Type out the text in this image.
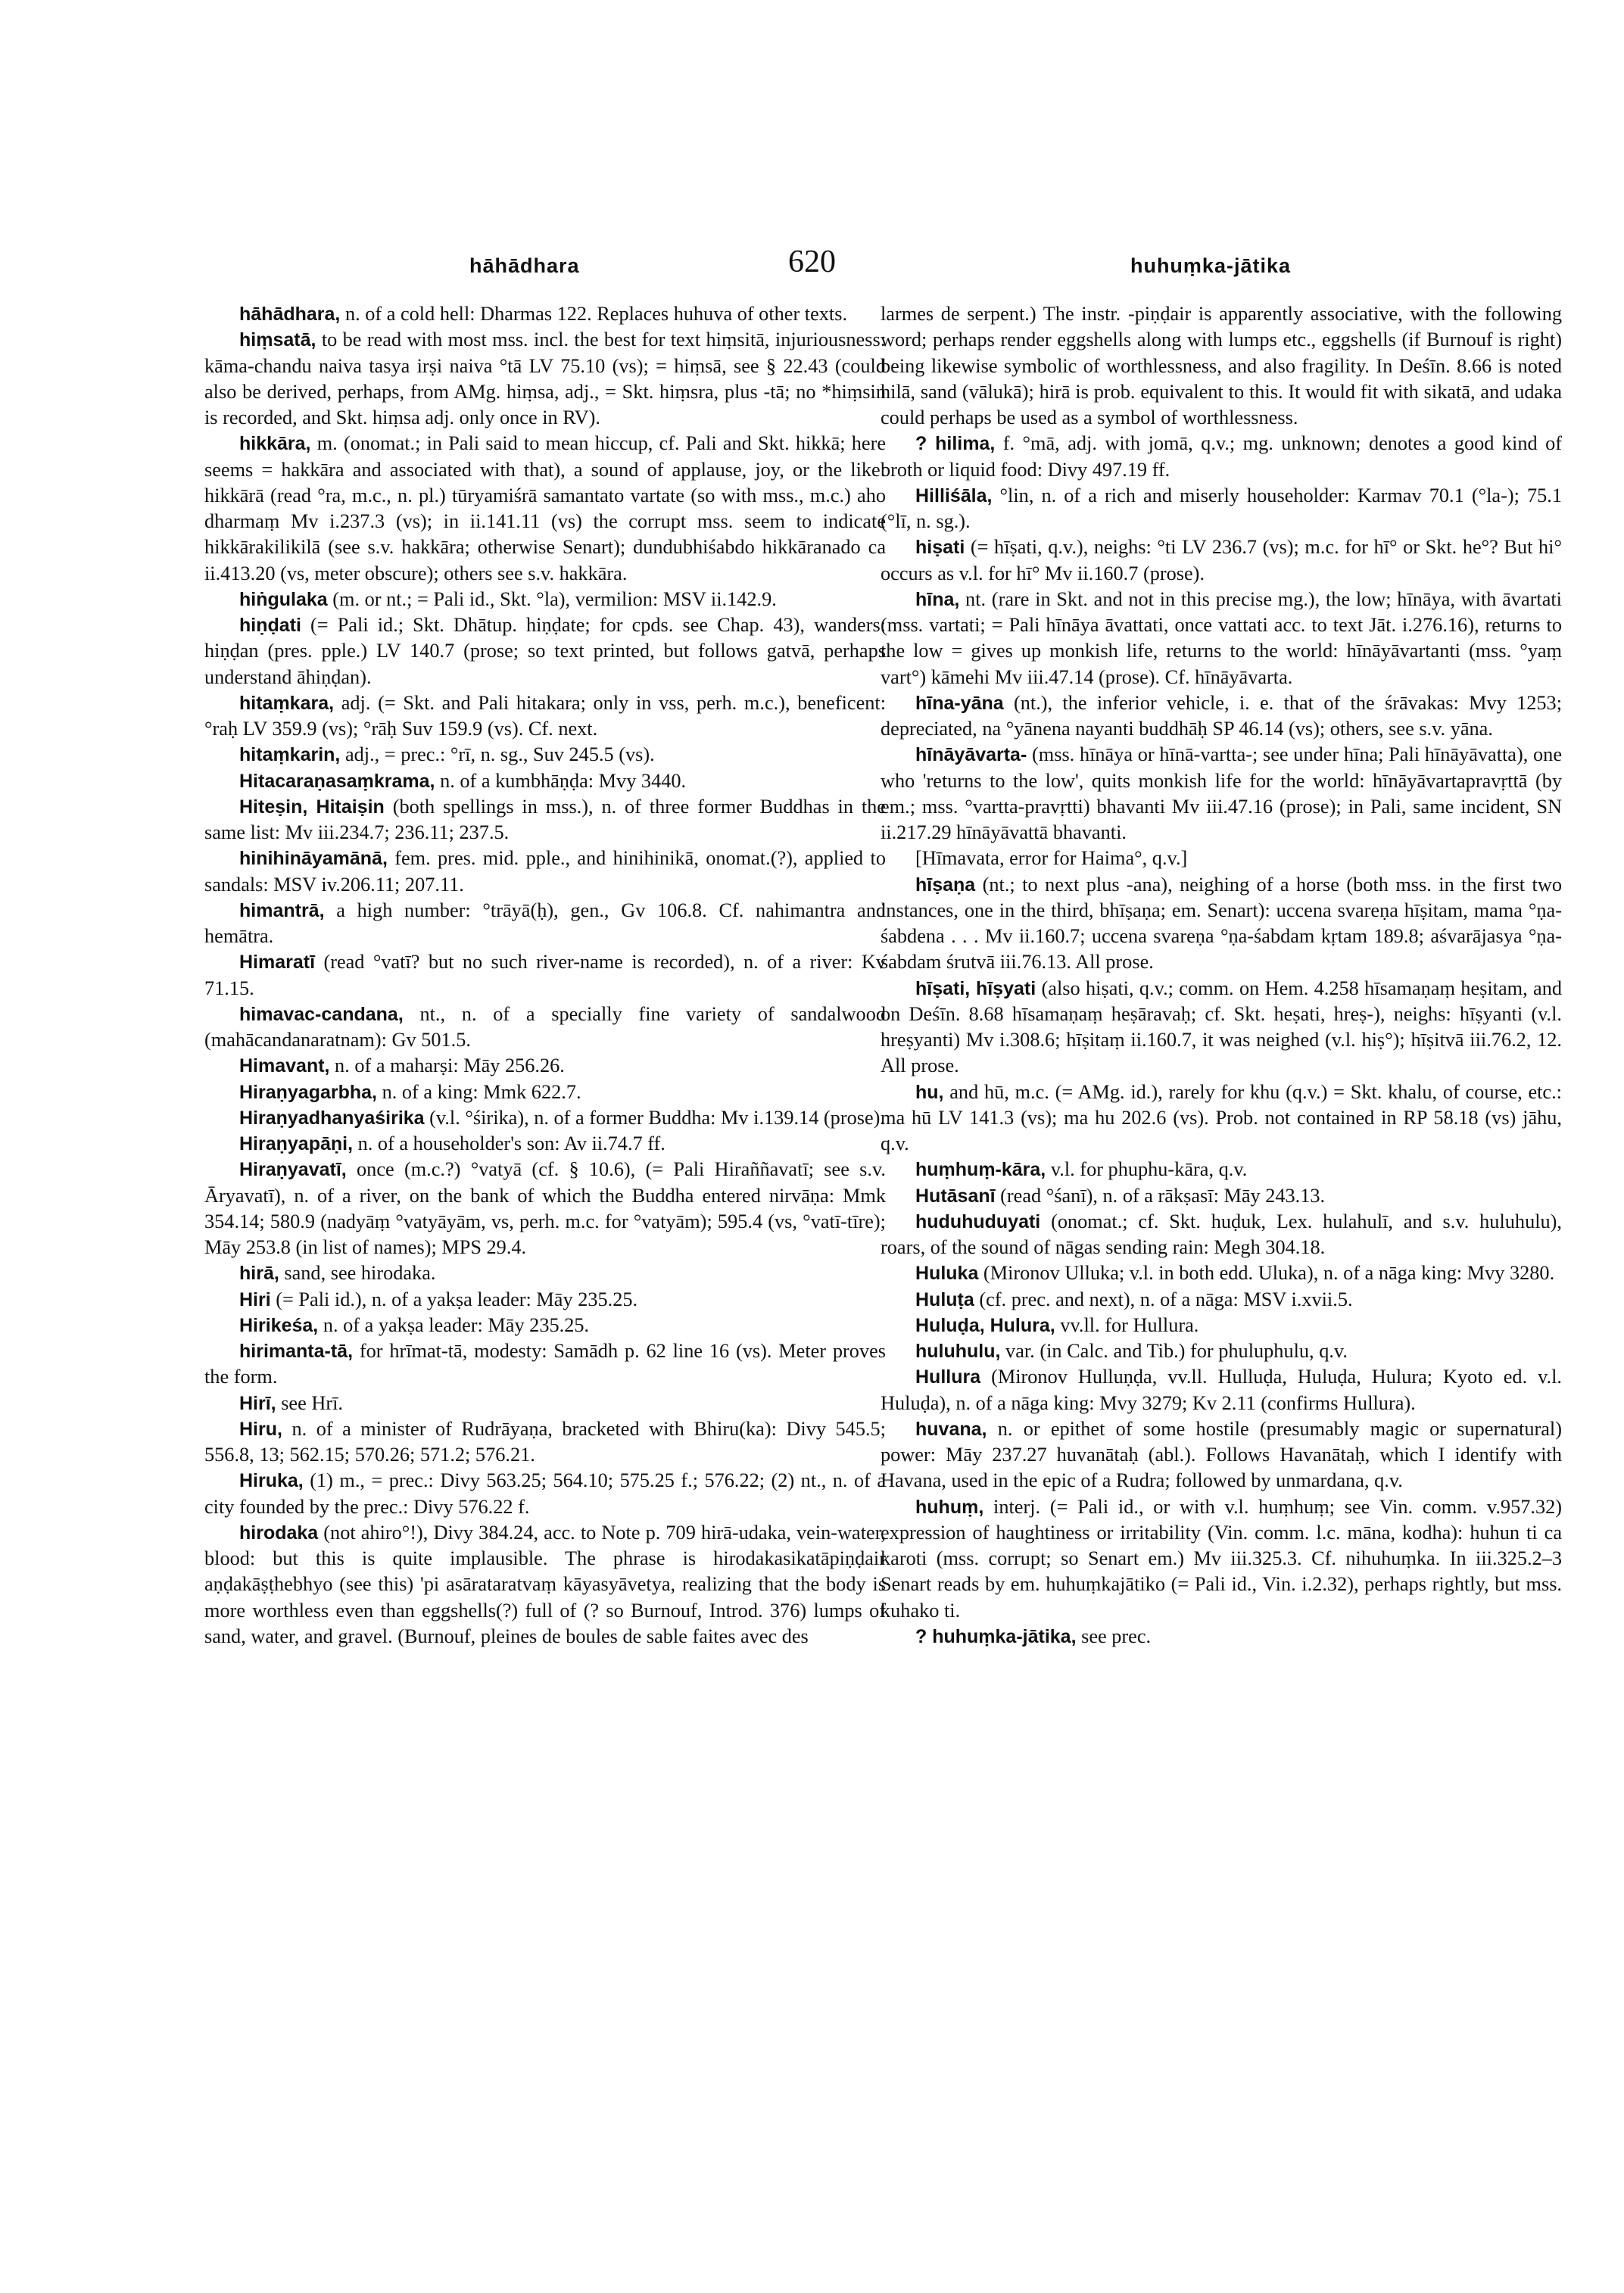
hāhādhara	620	huhuṃka-jātika

hāhādhara, n. of a cold hell: Dharmas 122. Replaces huhuva of other texts.

hiṃsatā, to be read with most mss. incl. the best for text hiṃsitā, injuriousness: kāma-chandu naiva tasya irṣi naiva °tā LV 75.10 (vs); = hiṃsā, see § 22.43 (could also be derived, perhaps, from AMg. hiṃsa, adj., = Skt. hiṃsra, plus -tā; no *hiṃsin is recorded, and Skt. hiṃsa adj. only once in RV).

hikkāra, m. (onomat.; in Pali said to mean hiccup, cf. Pali and Skt. hikkā; here seems = hakkāra and associated with that), a sound of applause, joy, or the like: hikkārā (read °ra, m.c., n. pl.) tūryamiśrā samantato vartate (so with mss., m.c.) aho dharmaṃ Mv i.237.3 (vs); in ii.141.11 (vs) the corrupt mss. seem to indicate hikkārakilikilā (see s.v. hakkāra; otherwise Senart); dundubhiśabdo hikkāranado ca ii.413.20 (vs, meter obscure); others see s.v. hakkāra.

hiṅgulaka (m. or nt.; = Pali id., Skt. °la), vermilion: MSV ii.142.9.

hiṇḍati (= Pali id.; Skt. Dhātup. hiṇḍate; for cpds. see Chap. 43), wanders: hiṇḍan (pres. pple.) LV 140.7 (prose; so text printed, but follows gatvā, perhaps understand āhiṇḍan).

hitaṃkara, adj. (= Skt. and Pali hitakara; only in vss, perh. m.c.), beneficent: °raḥ LV 359.9 (vs); °rāḥ Suv 159.9 (vs). Cf. next.

hitaṃkarin, adj., = prec.: °rī, n. sg., Suv 245.5 (vs).

Hitacaraṇasaṃkrama, n. of a kumbhāṇḍa: Mvy 3440.

Hiteṣin, Hitaiṣin (both spellings in mss.), n. of three former Buddhas in the same list: Mv iii.234.7; 236.11; 237.5.

hinihināyamānā, fem. pres. mid. pple., and hinihinikā, onomat.(?), applied to sandals: MSV iv.206.11; 207.11.

himantrā, a high number: °trāyā(ḥ), gen., Gv 106.8. Cf. nahimantra and hemātra.

Himaratī (read °vatī? but no such river-name is recorded), n. of a river: Kv 71.15.

himavac-candana, nt., n. of a specially fine variety of sandalwood (mahācandanaratnam): Gv 501.5.

Himavant, n. of a maharṣi: Māy 256.26.

Hiraṇyagarbha, n. of a king: Mmk 622.7.

Hiraṇyadhanyaśirika (v.l. °śirika), n. of a former Buddha: Mv i.139.14 (prose).

Hiraṇyapāṇi, n. of a householder's son: Av ii.74.7 ff.

Hiraṇyavatī, once (m.c.?) °vatyā (cf. § 10.6), (= Pali Hiraññavatī; see s.v. Āryavatī), n. of a river, on the bank of which the Buddha entered nirvāṇa: Mmk 354.14; 580.9 (nadyāṃ °vatyāyām, vs, perh. m.c. for °vatyām); 595.4 (vs, °vatī-tīre); Māy 253.8 (in list of names); MPS 29.4.

hirā, sand, see hirodaka.

Hiri (= Pali id.), n. of a yakṣa leader: Māy 235.25.

Hirikeśa, n. of a yakṣa leader: Māy 235.25.

hirimanta-tā, for hrīmat-tā, modesty: Samādh p. 62 line 16 (vs). Meter proves the form.

Hirī, see Hrī.

Hiru, n. of a minister of Rudrāyaṇa, bracketed with Bhiru(ka): Divy 545.5; 556.8, 13; 562.15; 570.26; 571.2; 576.21.

Hiruka, (1) m., = prec.: Divy 563.25; 564.10; 575.25 f.; 576.22; (2) nt., n. of a city founded by the prec.: Divy 576.22 f.

hirodaka (not ahiro°!), Divy 384.24, acc. to Note p. 709 hirā-udaka, vein-water, blood: but this is quite implausible. The phrase is hirodakasikatāpiṇḍair aṇḍakāṣṭhebhyo (see this) 'pi asārataratvaṃ kāyasyāvetya, realizing that the body is more worthless even than eggshells(?) full of (? so Burnouf, Introd. 376) lumps of sand, water, and gravel. (Burnouf, pleines de boules de sable faites avec des

larmes de serpent.) The instr. -piṇḍair is apparently associative, with the following word; perhaps render eggshells along with lumps etc., eggshells (if Burnouf is right) being likewise symbolic of worthlessness, and also fragility. In Deśīn. 8.66 is noted hilā, sand (vālukā); hirā is prob. equivalent to this. It would fit with sikatā, and udaka could perhaps be used as a symbol of worthlessness.

? hilima, f. °mā, adj. with jomā, q.v.; mg. unknown; denotes a good kind of broth or liquid food: Divy 497.19 ff.

Hilliśāla, °lin, n. of a rich and miserly householder: Karmav 70.1 (°la-); 75.1 (°lī, n. sg.).

hiṣati (= hīṣati, q.v.), neighs: °ti LV 236.7 (vs); m.c. for hī° or Skt. he°? But hi° occurs as v.l. for hī° Mv ii.160.7 (prose).

hīna, nt. (rare in Skt. and not in this precise mg.), the low; hīnāya, with āvartati (mss. vartati; = Pali hīnāya āvattati, once vattati acc. to text Jāt. i.276.16), returns to the low = gives up monkish life, returns to the world: hīnāyāvartanti (mss. °yaṃ vart°) kāmehi Mv iii.47.14 (prose). Cf. hīnāyāvarta.

hīna-yāna (nt.), the inferior vehicle, i. e. that of the śrāvakas: Mvy 1253; depreciated, na °yānena nayanti buddhāḥ SP 46.14 (vs); others, see s.v. yāna.

hīnāyāvarta- (mss. hīnāya or hīnā-vartta-; see under hīna; Pali hīnāyāvatta), one who 'returns to the low', quits monkish life for the world: hīnāyāvartapravṛttā (by em.; mss. °vartta-pravṛtti) bhavanti Mv iii.47.16 (prose); in Pali, same incident, SN ii.217.29 hīnāyāvattā bhavanti.

[Hīmavata, error for Haima°, q.v.]

hīṣaṇa (nt.; to next plus -ana), neighing of a horse (both mss. in the first two instances, one in the third, bhīṣaṇa; em. Senart): uccena svareṇa hīṣitam, mama °ṇa-śabdena . . . Mv ii.160.7; uccena svareṇa °ṇa-śabdam kṛtam 189.8; aśvarājasya °ṇa-śabdam śrutvā iii.76.13. All prose.

hīṣati, hīṣyati (also hiṣati, q.v.; comm. on Hem. 4.258 hīsamaṇaṃ heṣitam, and on Deśīn. 8.68 hīsamaṇaṃ heṣāravaḥ; cf. Skt. heṣati, hreṣ-), neighs: hīṣyanti (v.l. hreṣyanti) Mv i.308.6; hīṣitaṃ ii.160.7, it was neighed (v.l. hiṣ°); hīṣitvā iii.76.2, 12. All prose.

hu, and hū, m.c. (= AMg. id.), rarely for khu (q.v.) = Skt. khalu, of course, etc.: ma hū LV 141.3 (vs); ma hu 202.6 (vs). Prob. not contained in RP 58.18 (vs) jāhu, q.v.

huṃhuṃ-kāra, v.l. for phuphu-kāra, q.v.

Hutāsanī (read °śanī), n. of a rākṣasī: Māy 243.13.

huduhuduyati (onomat.; cf. Skt. huḍuk, Lex. hulahulī, and s.v. huluhulu), roars, of the sound of nāgas sending rain: Megh 304.18.

Huluka (Mironov Ulluka; v.l. in both edd. Uluka), n. of a nāga king: Mvy 3280.

Huluṭa (cf. prec. and next), n. of a nāga: MSV i.xvii.5.

Huluḍa, Hulura, vv.ll. for Hullura.

huluhulu, var. (in Calc. and Tib.) for phuluphulu, q.v.

Hullura (Mironov Hulluṇḍa, vv.ll. Hulluḍa, Huluḍa, Hulura; Kyoto ed. v.l. Huluḍa), n. of a nāga king: Mvy 3279; Kv 2.11 (confirms Hullura).

huvana, n. or epithet of some hostile (presumably magic or supernatural) power: Māy 237.27 huvanātaḥ (abl.). Follows Havanātaḥ, which I identify with Havana, used in the epic of a Rudra; followed by unmardana, q.v.

huhuṃ, interj. (= Pali id., or with v.l. huṃhuṃ; see Vin. comm. v.957.32) expression of haughtiness or irritability (Vin. comm. l.c. māna, kodha): huhun ti ca karoti (mss. corrupt; so Senart em.) Mv iii.325.3. Cf. nihuhuṃka. In iii.325.2–3 Senart reads by em. huhuṃkajātiko (= Pali id., Vin. i.2.32), perhaps rightly, but mss. kuhako ti.

? huhuṃka-jātika, see prec.
